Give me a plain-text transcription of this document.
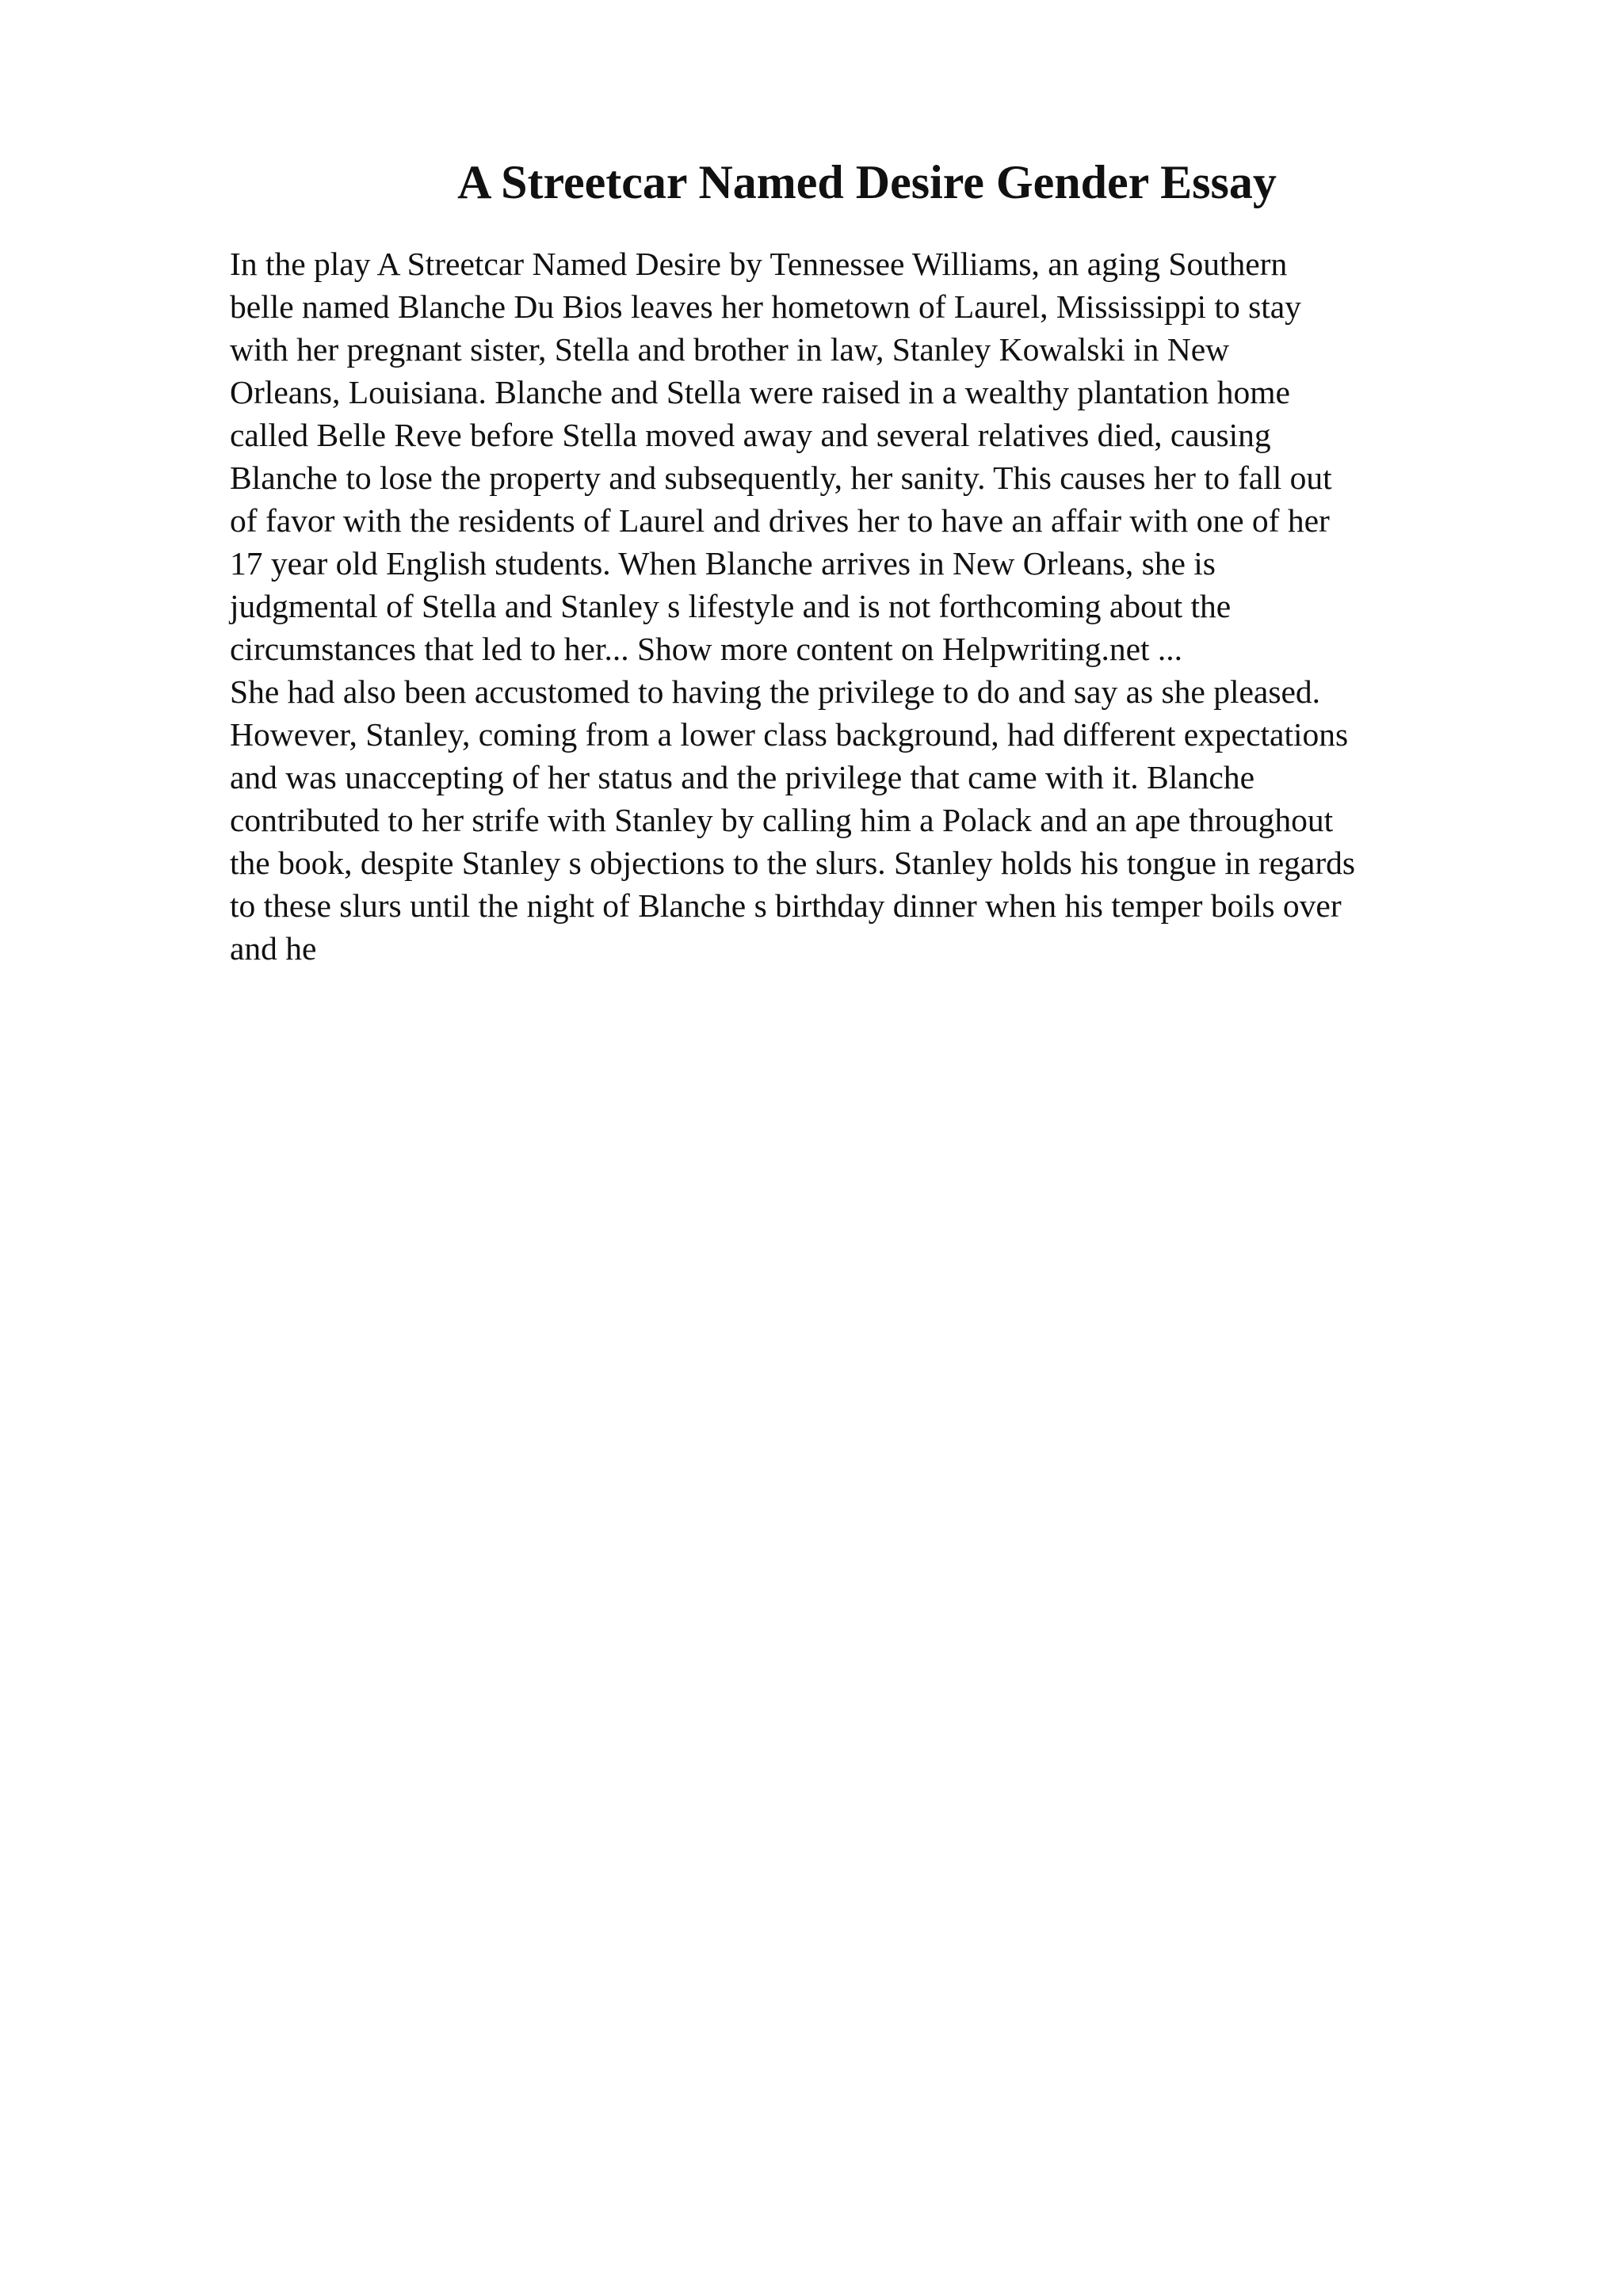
A Streetcar Named Desire Gender Essay
In the play A Streetcar Named Desire by Tennessee Williams, an aging Southern
belle named Blanche Du Bios leaves her hometown of Laurel, Mississippi to stay
with her pregnant sister, Stella and brother in law, Stanley Kowalski in New
Orleans, Louisiana. Blanche and Stella were raised in a wealthy plantation home
called Belle Reve before Stella moved away and several relatives died, causing
Blanche to lose the property and subsequently, her sanity. This causes her to fall out
of favor with the residents of Laurel and drives her to have an affair with one of her
17 year old English students. When Blanche arrives in New Orleans, she is
judgmental of Stella and Stanley s lifestyle and is not forthcoming about the
circumstances that led to her... Show more content on Helpwriting.net ...
She had also been accustomed to having the privilege to do and say as she pleased.
However, Stanley, coming from a lower class background, had different expectations
and was unaccepting of her status and the privilege that came with it. Blanche
contributed to her strife with Stanley by calling him a Polack and an ape throughout
the book, despite Stanley s objections to the slurs. Stanley holds his tongue in regards
to these slurs until the night of Blanche s birthday dinner when his temper boils over
and he
